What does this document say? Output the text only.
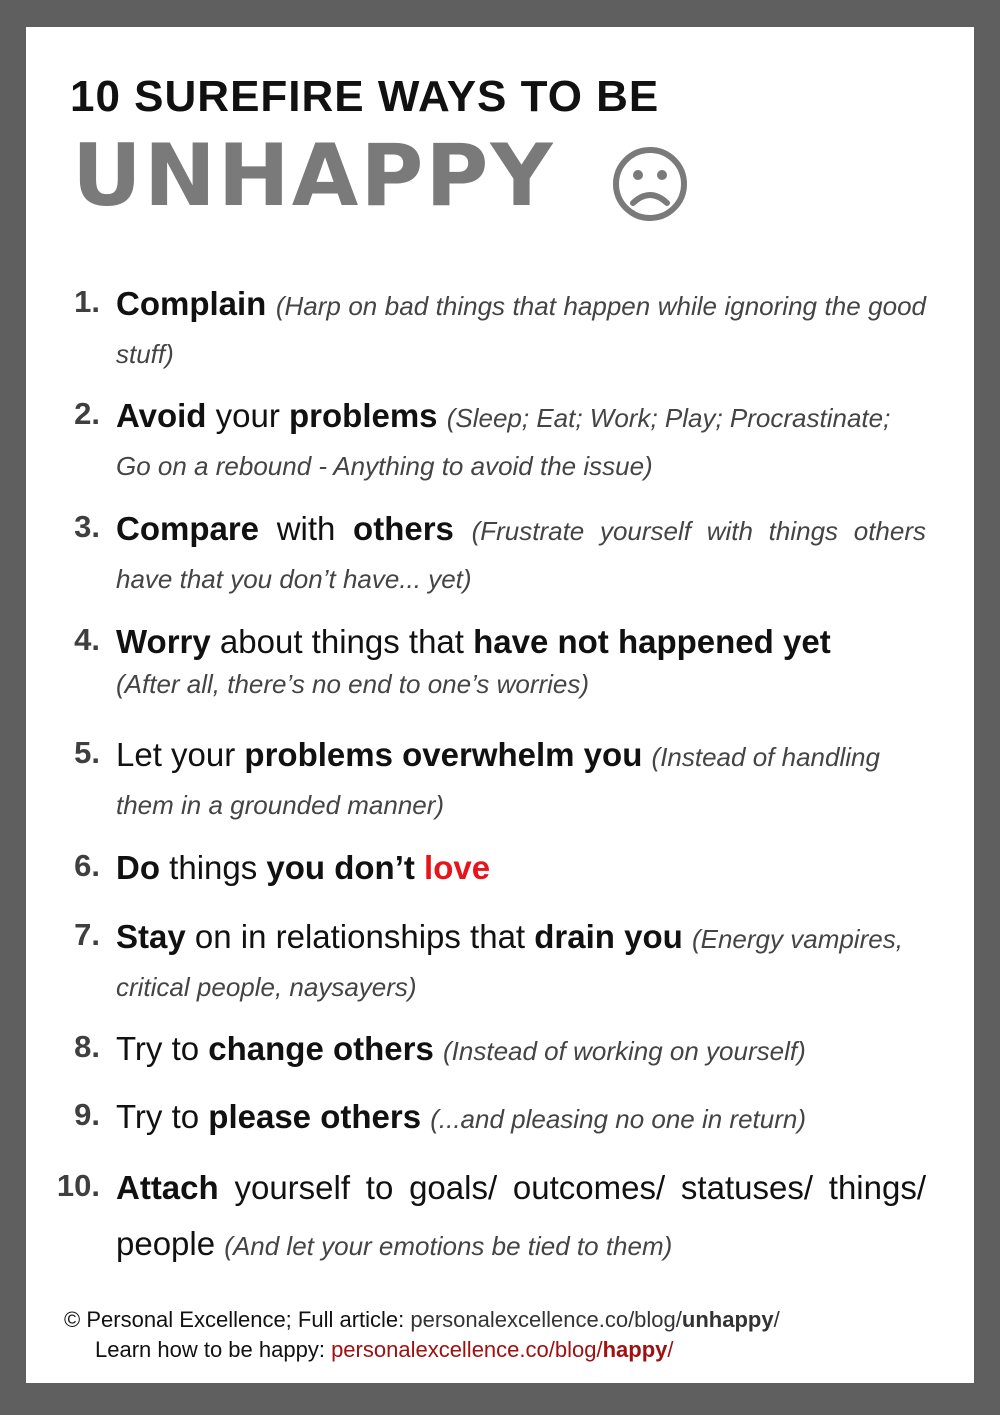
10 SUREFIRE WAYS TO BE
UNHAPPY
1. Complain (Harp on bad things that happen while ignoring the good stuff)
2. Avoid your problems (Sleep; Eat; Work; Play; Procrastinate; Go on a rebound - Anything to avoid the issue)
3. Compare with others (Frustrate yourself with things others have that you don’t have... yet)
4. Worry about things that have not happened yet
(After all, there’s no end to one’s worries)
5. Let your problems overwhelm you (Instead of handling them in a grounded manner)
6. Do things you don’t love
7. Stay on in relationships that drain you (Energy vampires, critical people, naysayers)
8. Try to change others (Instead of working on yourself)
9. Try to please others (...and pleasing no one in return)
10. Attach yourself to goals/ outcomes/ statuses/ things/ people (And let your emotions be tied to them)
© Personal Excellence; Full article: personalexcellence.co/blog/unhappy/
Learn how to be happy: personalexcellence.co/blog/happy/
